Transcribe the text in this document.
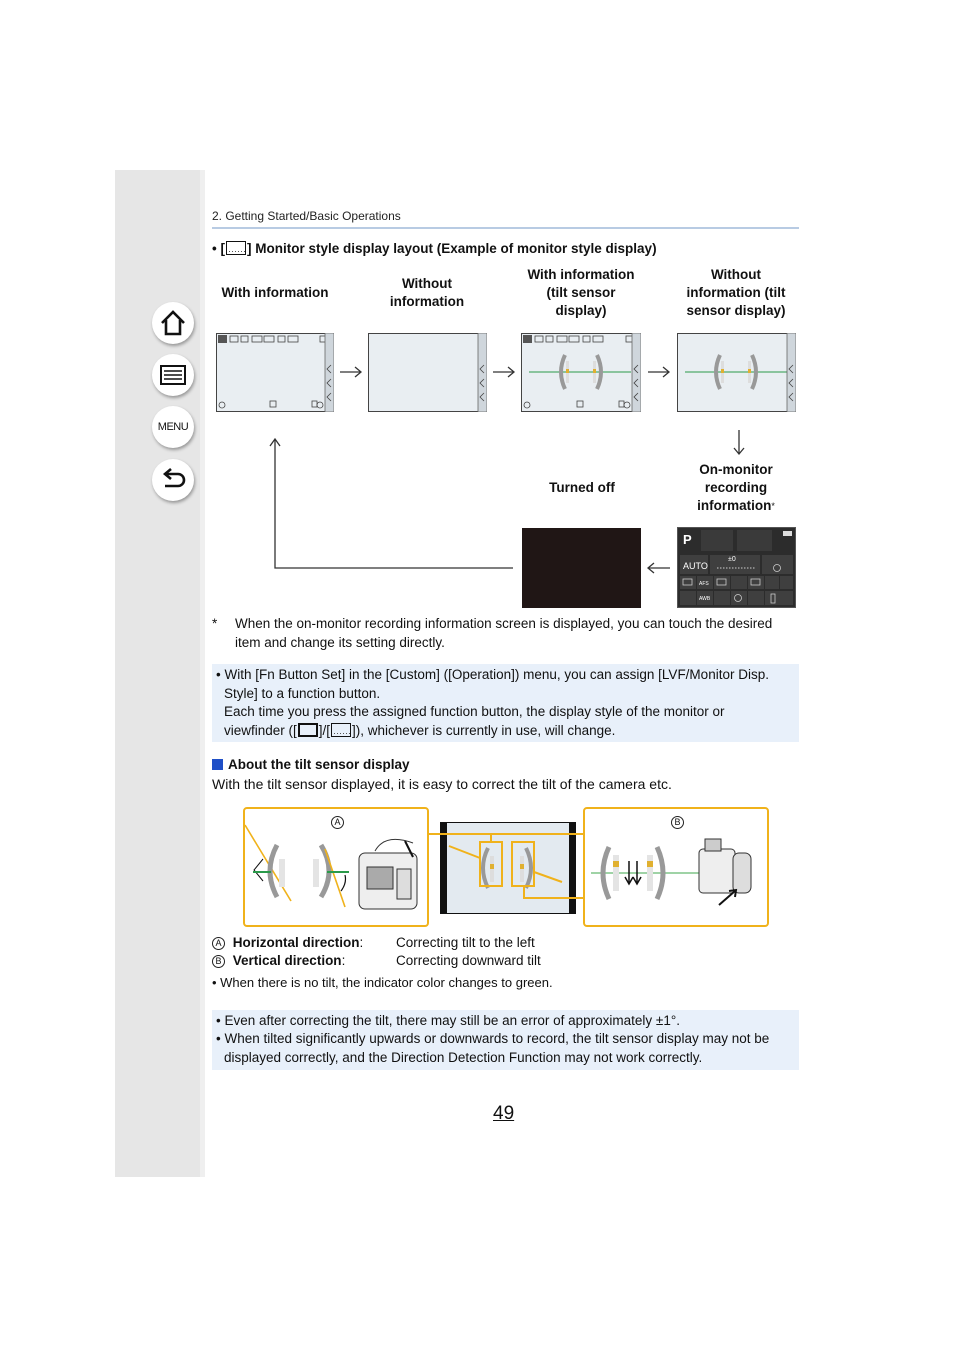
MENU
2. Getting Started/Basic Operations
• [ ] Monitor style display layout (Example of monitor style display)
With information
Without information
With information (tilt sensor display)
Without information (tilt sensor display)
Turned off
On-monitor recording information*
P
AUTO
±0
AFS
AWB
*	When the on-monitor recording information screen is displayed, you can touch the desired item and change its setting directly.
• With [Fn Button Set] in the [Custom] ([Operation]) menu, you can assign [LVF/Monitor Disp. Style] to a function button.
Each time you press the assigned function button, the display style of the monitor or
viewfinder ([ ]/[ ]), whichever is currently in use, will change.
About the tilt sensor display
With the tilt sensor displayed, it is easy to correct the tilt of the camera etc.
A	B
A Horizontal direction: Correcting tilt to the left
B Vertical direction:	Correcting downward tilt
• When there is no tilt, the indicator color changes to green.
• Even after correcting the tilt, there may still be an error of approximately ±1°.
• When tilted significantly upwards or downwards to record, the tilt sensor display may not be displayed correctly, and the Direction Detection Function may not work correctly.
49
